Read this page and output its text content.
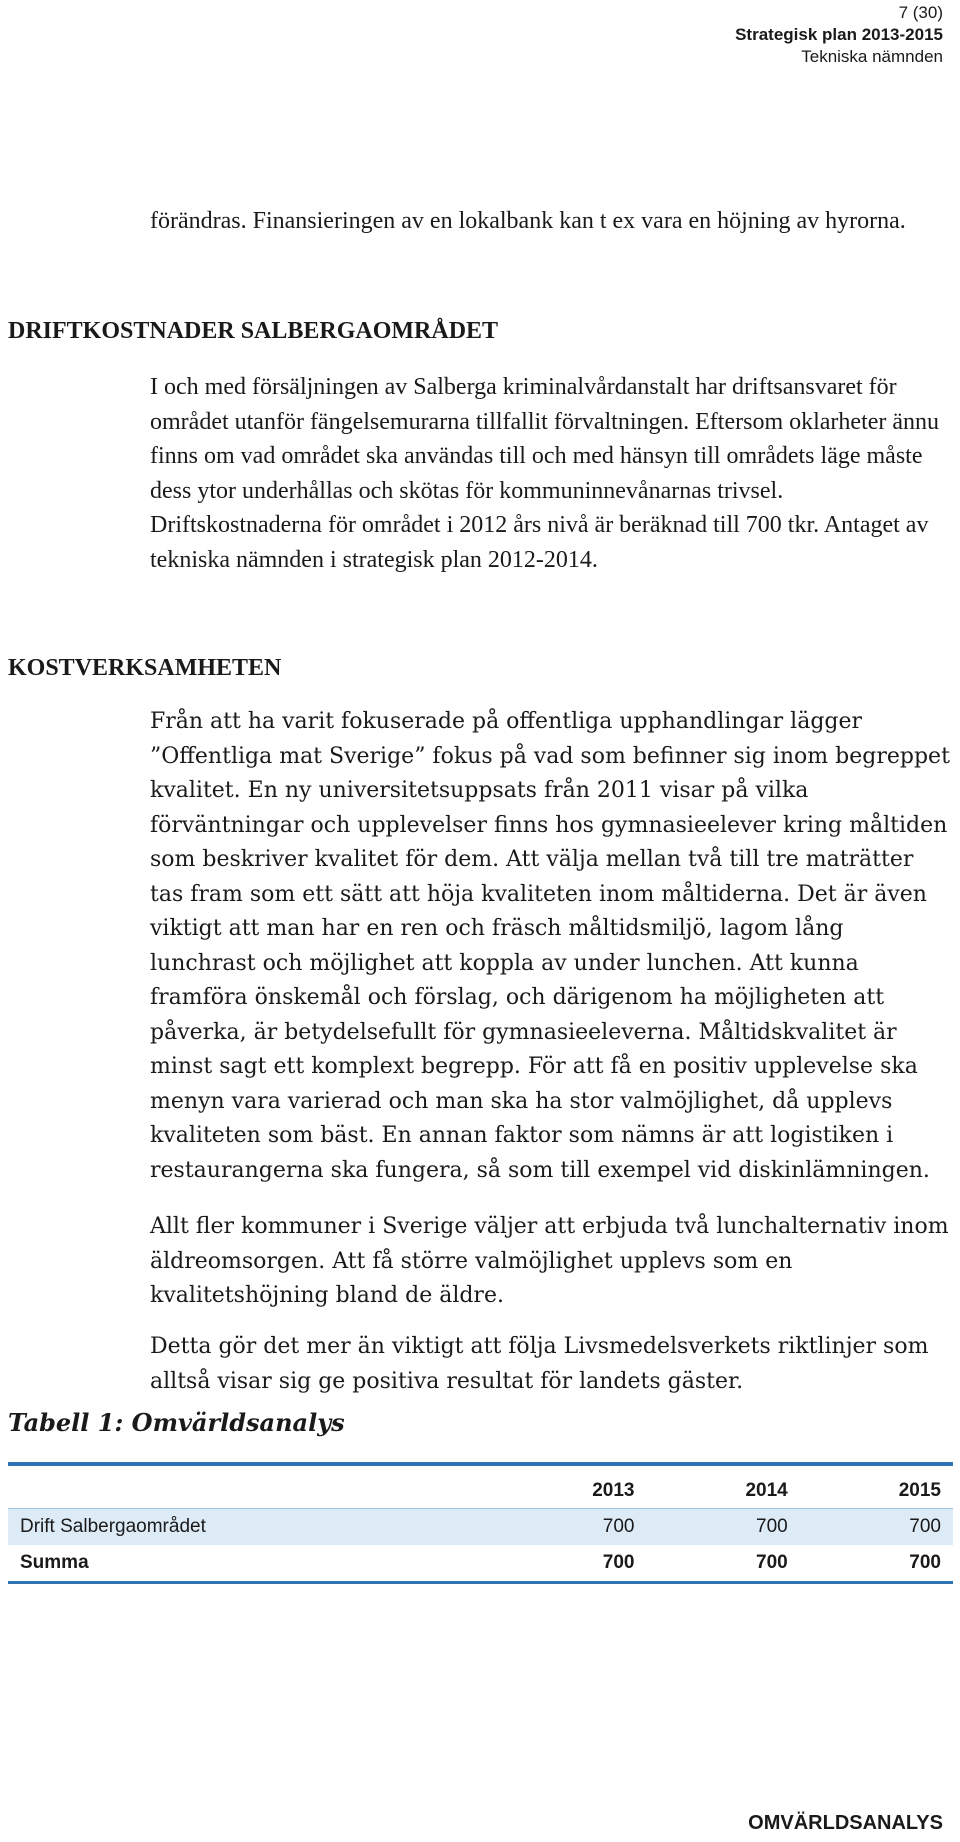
7 (30)
Strategisk plan 2013-2015
Tekniska nämnden

förändras. Finansieringen av en lokalbank kan t ex vara en höjning av hyrorna.

DRIFTKOSTNADER SALBERGAOMRÅDET

I och med försäljningen av Salberga kriminalvårdanstalt har driftsansvaret för området utanför fängelsemurarna tillfallit förvaltningen. Eftersom oklarheter ännu finns om vad området ska användas till och med hänsyn till områdets läge måste dess ytor underhållas och skötas för kommuninnevånarnas trivsel. Driftskostnaderna för området i 2012 års nivå är beräknad till 700 tkr. Antaget av tekniska nämnden i strategisk plan 2012-2014.

KOSTVERKSAMHETEN

Från att ha varit fokuserade på offentliga upphandlingar lägger ”Offentliga mat Sverige” fokus på vad som befinner sig inom begreppet kvalitet. En ny universitetsuppsats från 2011 visar på vilka förväntningar och upplevelser finns hos gymnasieelever kring måltiden som beskriver kvalitet för dem. Att välja mellan två till tre maträtter tas fram som ett sätt att höja kvaliteten inom måltiderna. Det är även viktigt att man har en ren och fräsch måltidsmiljö, lagom lång lunchrast och möjlighet att koppla av under lunchen. Att kunna framföra önskemål och förslag, och därigenom ha möjligheten att påverka, är betydelsefullt för gymnasieeleverna. Måltidskvalitet är minst sagt ett komplext begrepp. För att få en positiv upplevelse ska menyn vara varierad och man ska ha stor valmöjlighet, då upplevs kvaliteten som bäst. En annan faktor som nämns är att logistiken i restaurangerna ska fungera, så som till exempel vid diskinlämningen.

Allt fler kommuner i Sverige väljer att erbjuda två lunchalternativ inom äldreomsorgen. Att få större valmöjlighet upplevs som en kvalitetshöjning bland de äldre.

Detta gör det mer än viktigt att följa Livsmedelsverkets riktlinjer som alltså visar sig ge positiva resultat för landets gäster.

Tabell 1: Omvärldsanalys

	2013	2014	2015
Drift Salbergaområdet	700	700	700
Summa	700	700	700
OMVÄRLDSANALYS
